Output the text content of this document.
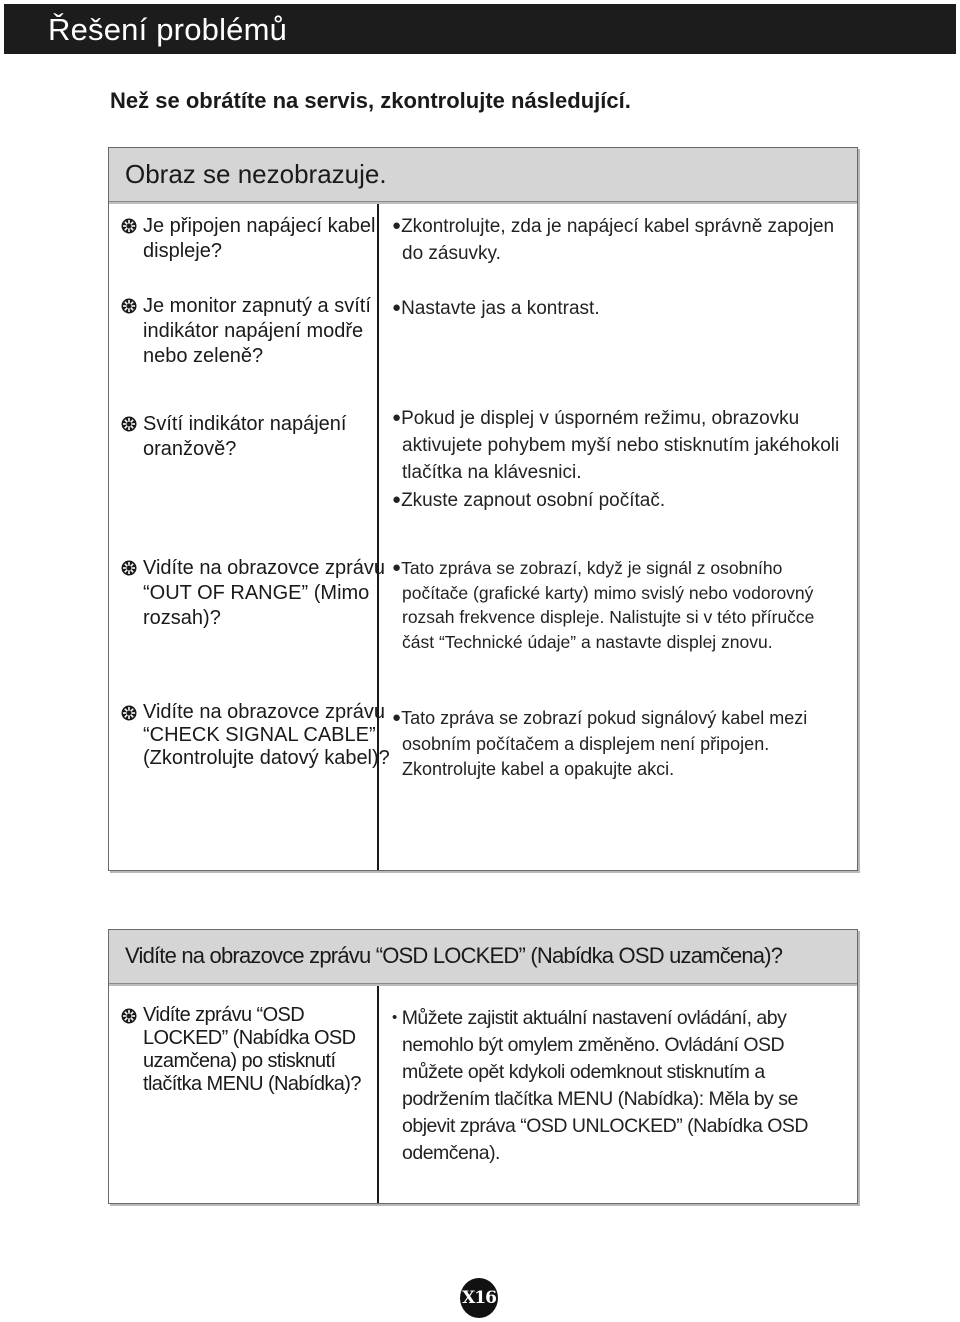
Řešení problémů
Než se obrátíte na servis, zkontrolujte následující.
Obraz se nezobrazuje.
Je připojen napájecí kabel displeje?

●Zkontrolujte, zda je napájecí kabel správně zapojen do zásuvky.

Je monitor zapnutý a svítí indikátor napájení modře nebo zeleně?

●Nastavte jas a kontrast.

Svítí indikátor napájení oranžově?

●Pokud je displej v úsporném režimu, obrazovku aktivujete pohybem myší nebo stisknutím jakéhokoli tlačítka na klávesnici.

●Zkuste zapnout osobní počítač.

Vidíte na obrazovce zprávu “OUT OF RANGE” (Mimo rozsah)?

●Tato zpráva se zobrazí, když je signál z osobního počítače (grafické karty) mimo svislý nebo vodorovný rozsah frekvence displeje. Nalistujte si v této příručce část “Technické údaje” a nastavte displej znovu.

Vidíte na obrazovce zprávu “CHECK SIGNAL CABLE” (Zkontrolujte datový kabel)?

●Tato zpráva se zobrazí pokud signálový kabel mezi osobním počítačem a displejem není připojen. Zkontrolujte kabel a opakujte akci.

Vidíte na obrazovce zprávu “OSD LOCKED” (Nabídka OSD uzamčena)?
Vidíte zprávu “OSD LOCKED” (Nabídka OSD uzamčena) po stisknutí tlačítka MENU (Nabídka)?

• Můžete zajistit aktuální nastavení ovládání, aby nemohlo být omylem změněno. Ovládání OSD můžete opět kdykoli odemknout stisknutím a podržením tlačítka MENU (Nabídka): Měla by se objevit zpráva “OSD UNLOCKED” (Nabídka OSD odemčena).

X16
